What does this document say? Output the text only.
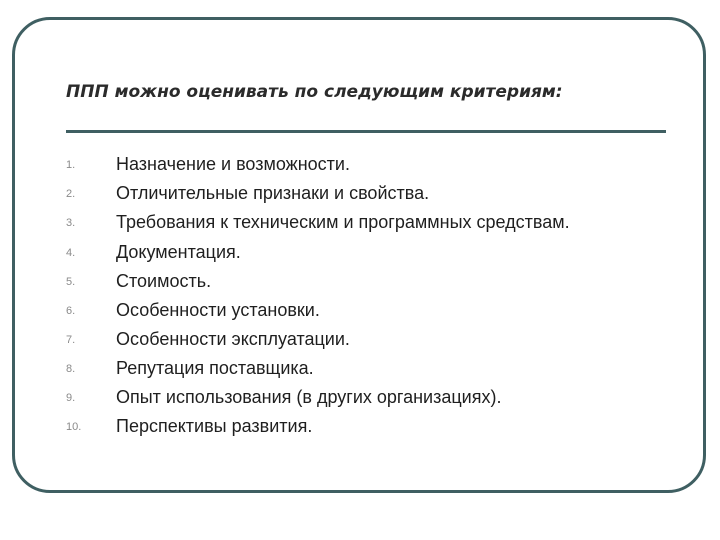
ППП можно оценивать по следующим критериям:
1. Назначение и возможности.
2. Отличительные признаки и свойства.
3. Требования к техническим и программных средствам.
4. Документация.
5. Стоимость.
6. Особенности установки.
7. Особенности эксплуатации.
8. Репутация поставщика.
9. Опыт использования (в других организациях).
10. Перспективы развития.
